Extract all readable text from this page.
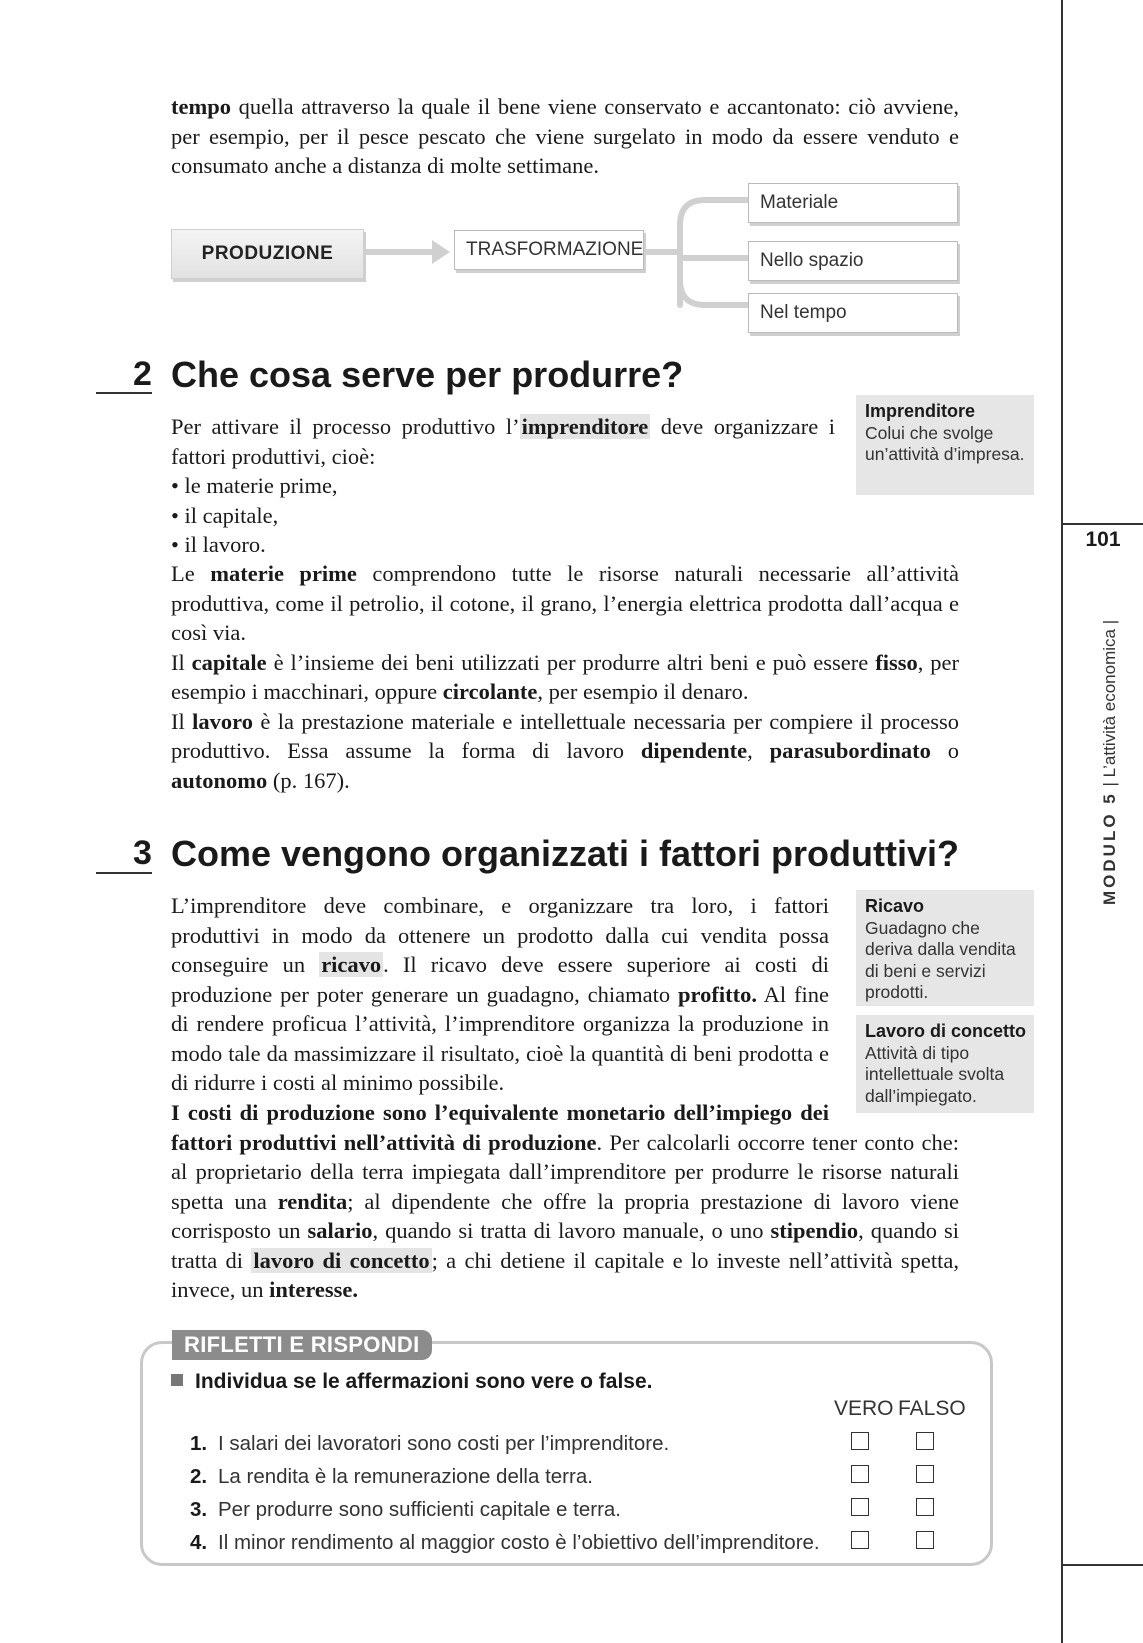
101
MODULO 5 | L’attività economica |

tempo quella attraverso la quale il bene viene conservato e accantonato: ciò avviene, per esempio, per il pesce pescato che viene surgelato in modo da essere venduto e consumato anche a distanza di molte settimane.

PRODUZIONE	TRASFORMAZIONE
Materiale
Nello spazio
Nel tempo
2 Che cosa serve per produrre?

Per attivare il processo produttivo l’imprenditore deve organizzare i fattori produttivi, cioè:

• le materie prime,

• il capitale,

• il lavoro.

Le materie prime comprendono tutte le risorse naturali necessarie all’attività produttiva, come il petrolio, il cotone, il grano, l’energia elettrica prodotta dall’acqua e così via.

Il capitale è l’insieme dei beni utilizzati per produrre altri beni e può essere fisso, per esempio i macchinari, oppure circolante, per esempio il denaro.

Il lavoro è la prestazione materiale e intellettuale necessaria per compiere il processo produttivo. Essa assume la forma di lavoro dipendente, parasubordinato o autonomo (p. 167).

Imprenditore
Colui che svolge un’attività d’impresa.
3 Come vengono organizzati i fattori produttivi?

L’imprenditore deve combinare, e organizzare tra loro, i fattori produttivi in modo da ottenere un prodotto dalla cui vendita possa conseguire un ricavo. Il ricavo deve essere superiore ai costi di produzione per poter generare un guadagno, chiamato profitto. Al fine di rendere proficua l’attività, l’imprenditore organizza la produzione in modo tale da massimizzare il risultato, cioè la quantità di beni prodotta e di ridurre i costi al minimo possibile.

I costi di produzione sono l’equivalente monetario dell’impiego dei fattori produttivi nell’attività di produzione. Per calcolarli occorre tener conto che: al proprietario della terra impiegata dall’imprenditore per produrre le risorse naturali spetta una rendita; al dipendente che offre la propria prestazione di lavoro viene corrisposto un salario, quando si tratta di lavoro manuale, o uno stipendio, quando si tratta di lavoro di concetto; a chi detiene il capitale e lo investe nell’attività spetta, invece, un interesse.

Ricavo
Guadagno che deriva dalla vendita di beni e servizi prodotti.
Lavoro di concetto
Attività di tipo intellettuale svolta dall’impiegato.
RIFLETTI E RISPONDI
Individua se le affermazioni sono vere o false.
VERO FALSO
1. I salari dei lavoratori sono costi per l’imprenditore.
2. La rendita è la remunerazione della terra.
3. Per produrre sono sufficienti capitale e terra.
4. Il minor rendimento al maggior costo è l’obiettivo dell’imprenditore.
